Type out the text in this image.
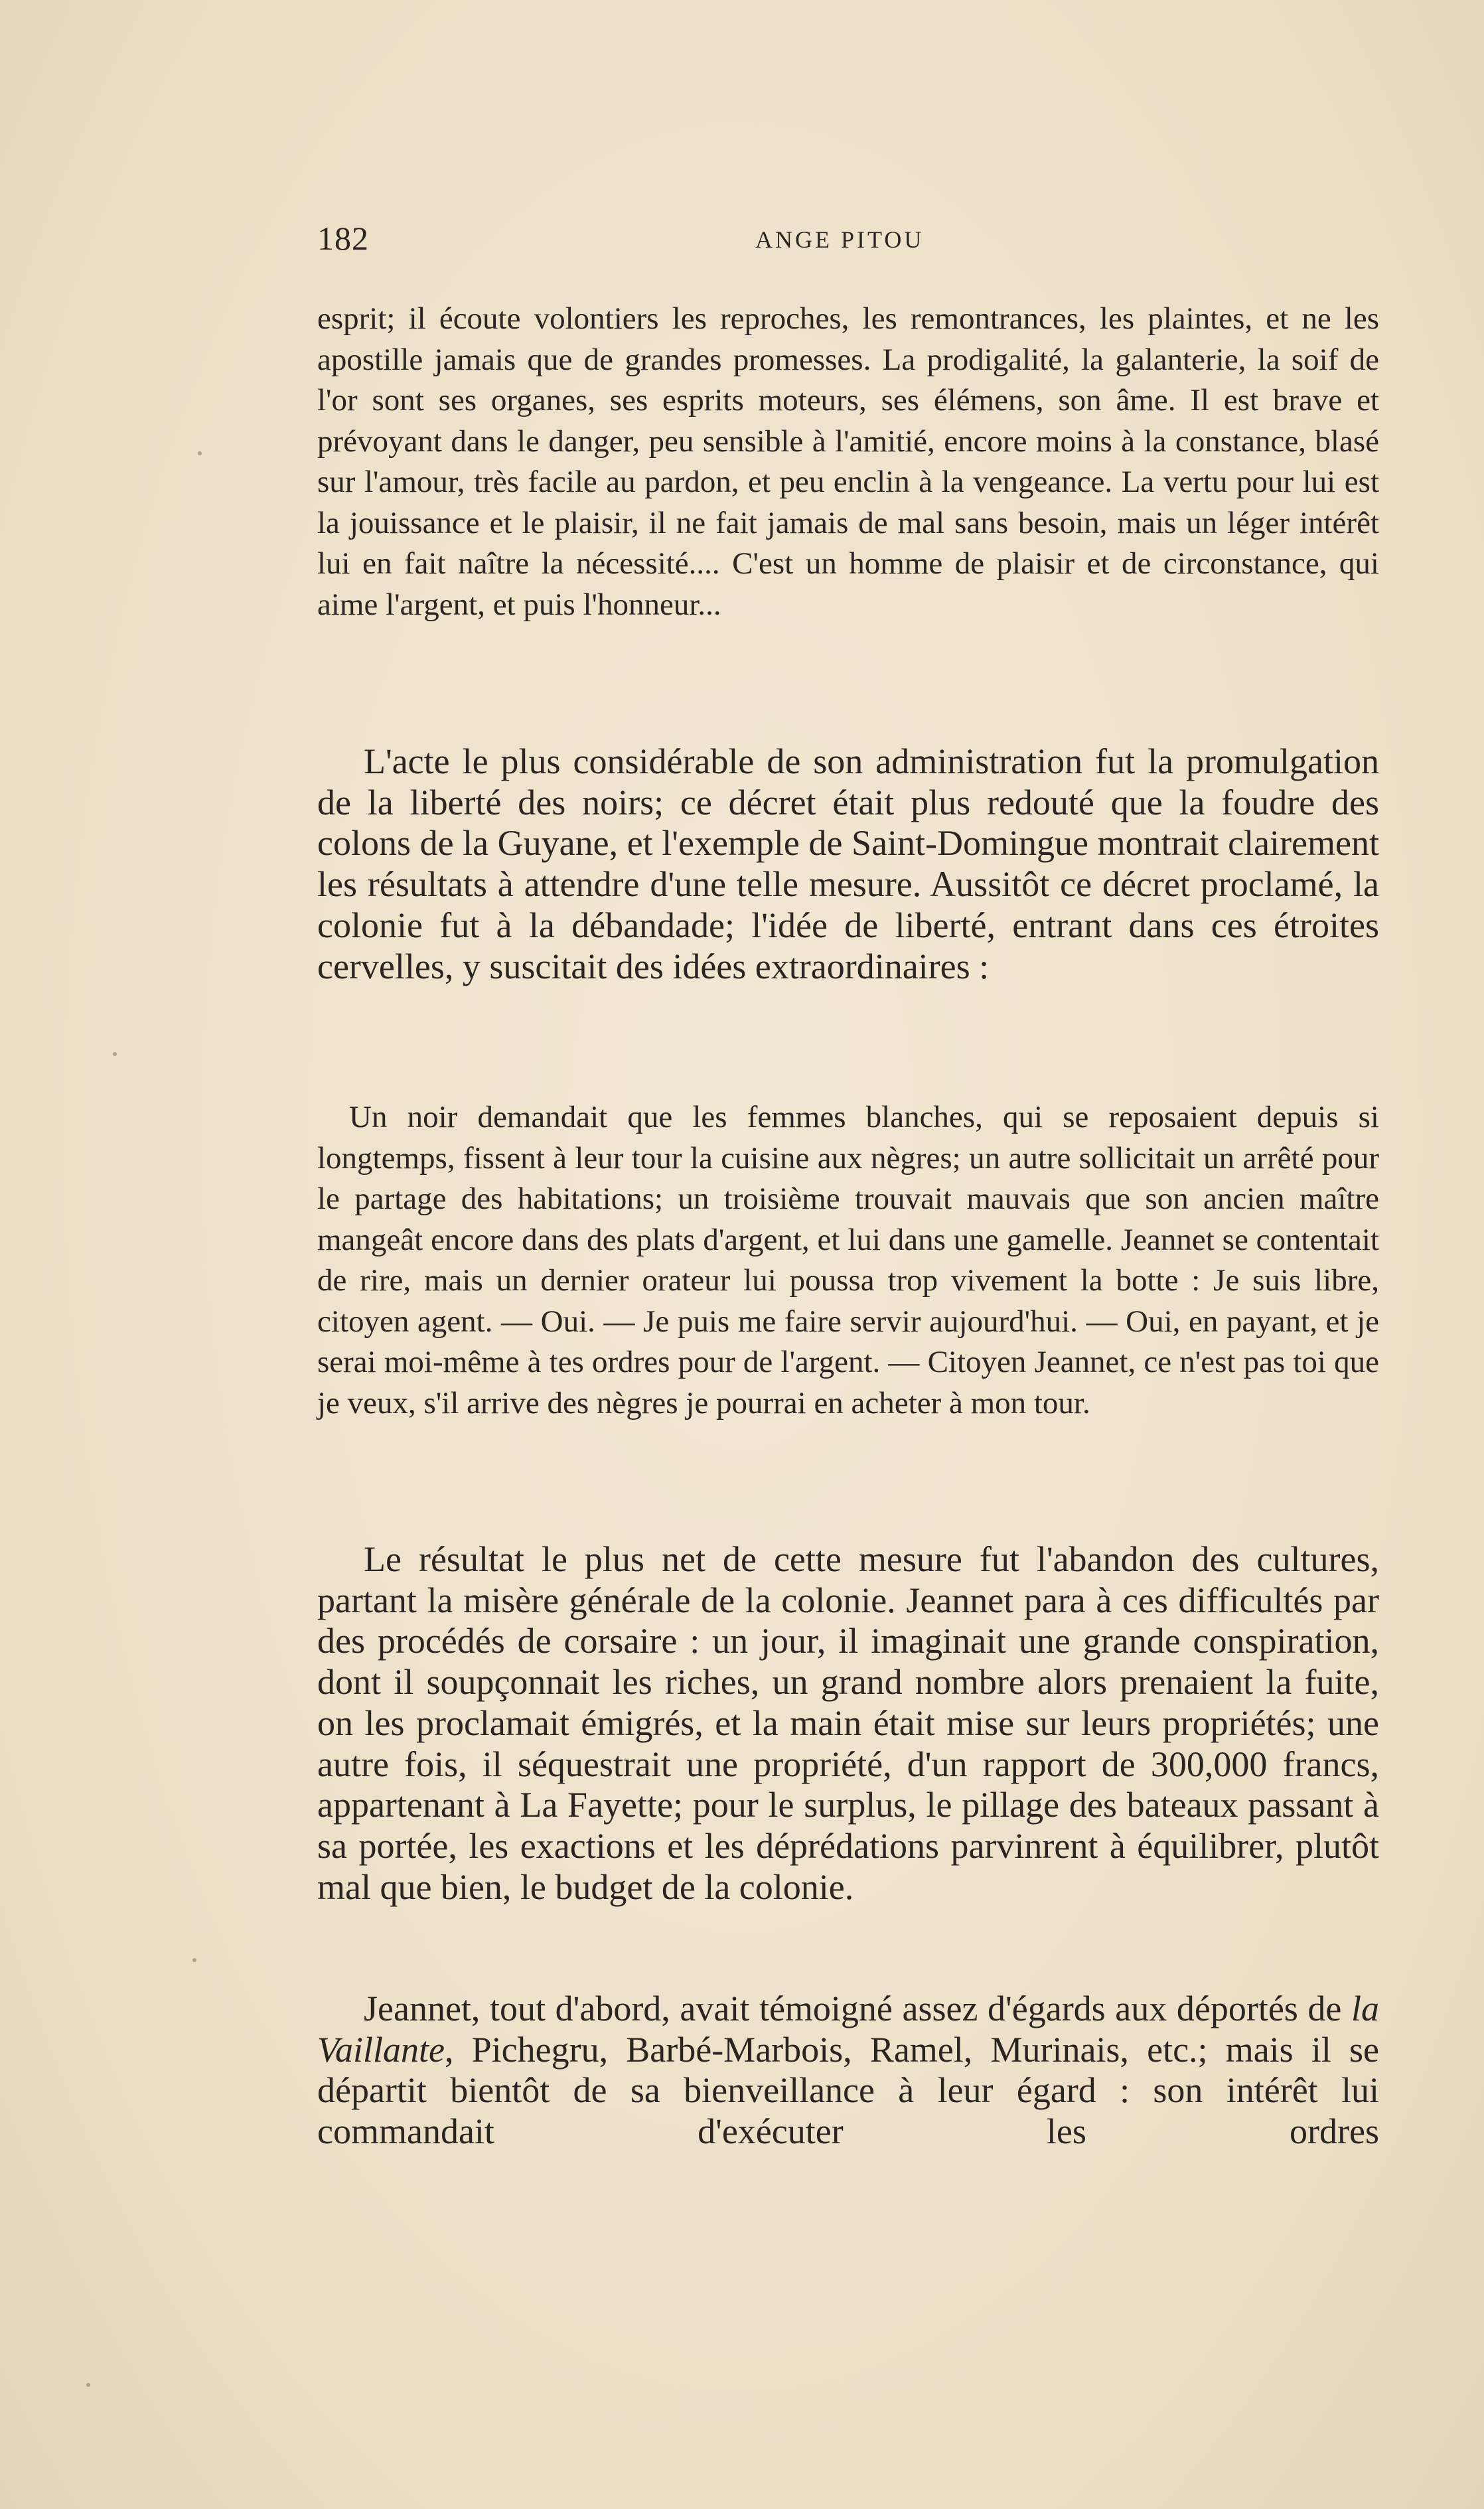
182	ANGE PITOU

esprit; il écoute volontiers les reproches, les remontrances, les plaintes, et ne les apostille jamais que de grandes promesses. La prodigalité, la galanterie, la soif de l'or sont ses organes, ses esprits moteurs, ses élémens, son âme. Il est brave et prévoyant dans le danger, peu sensible à l'amitié, encore moins à la constance, blasé sur l'amour, très facile au pardon, et peu enclin à la vengeance. La vertu pour lui est la jouissance et le plaisir, il ne fait jamais de mal sans besoin, mais un léger intérêt lui en fait naître la nécessité.... C'est un homme de plaisir et de circonstance, qui aime l'argent, et puis l'honneur...

L'acte le plus considérable de son administration fut la promulgation de la liberté des noirs; ce décret était plus redouté que la foudre des colons de la Guyane, et l'exemple de Saint-Domingue montrait clairement les résultats à attendre d'une telle mesure. Aussitôt ce décret proclamé, la colonie fut à la débandade; l'idée de liberté, entrant dans ces étroites cervelles, y suscitait des idées extraordinaires :

Un noir demandait que les femmes blanches, qui se reposaient depuis si longtemps, fissent à leur tour la cuisine aux nègres; un autre sollicitait un arrêté pour le partage des habitations; un troisième trouvait mauvais que son ancien maître mangeât encore dans des plats d'argent, et lui dans une gamelle. Jeannet se contentait de rire, mais un dernier orateur lui poussa trop vivement la botte : Je suis libre, citoyen agent. — Oui. — Je puis me faire servir aujourd'hui. — Oui, en payant, et je serai moi-même à tes ordres pour de l'argent. — Citoyen Jeannet, ce n'est pas toi que je veux, s'il arrive des nègres je pourrai en acheter à mon tour.

Le résultat le plus net de cette mesure fut l'abandon des cultures, partant la misère générale de la colonie. Jeannet para à ces difficultés par des procédés de corsaire : un jour, il imaginait une grande conspiration, dont il soupçonnait les riches, un grand nombre alors prenaient la fuite, on les proclamait émigrés, et la main était mise sur leurs propriétés; une autre fois, il séquestrait une propriété, d'un rapport de 300,000 francs, appartenant à La Fayette; pour le surplus, le pillage des bateaux passant à sa portée, les exactions et les déprédations parvinrent à équilibrer, plutôt mal que bien, le budget de la colonie.

Jeannet, tout d'abord, avait témoigné assez d'égards aux déportés de la Vaillante, Pichegru, Barbé-Marbois, Ramel, Murinais, etc.; mais il se départit bientôt de sa bienveillance à leur égard : son intérêt lui commandait d'exécuter les ordres
